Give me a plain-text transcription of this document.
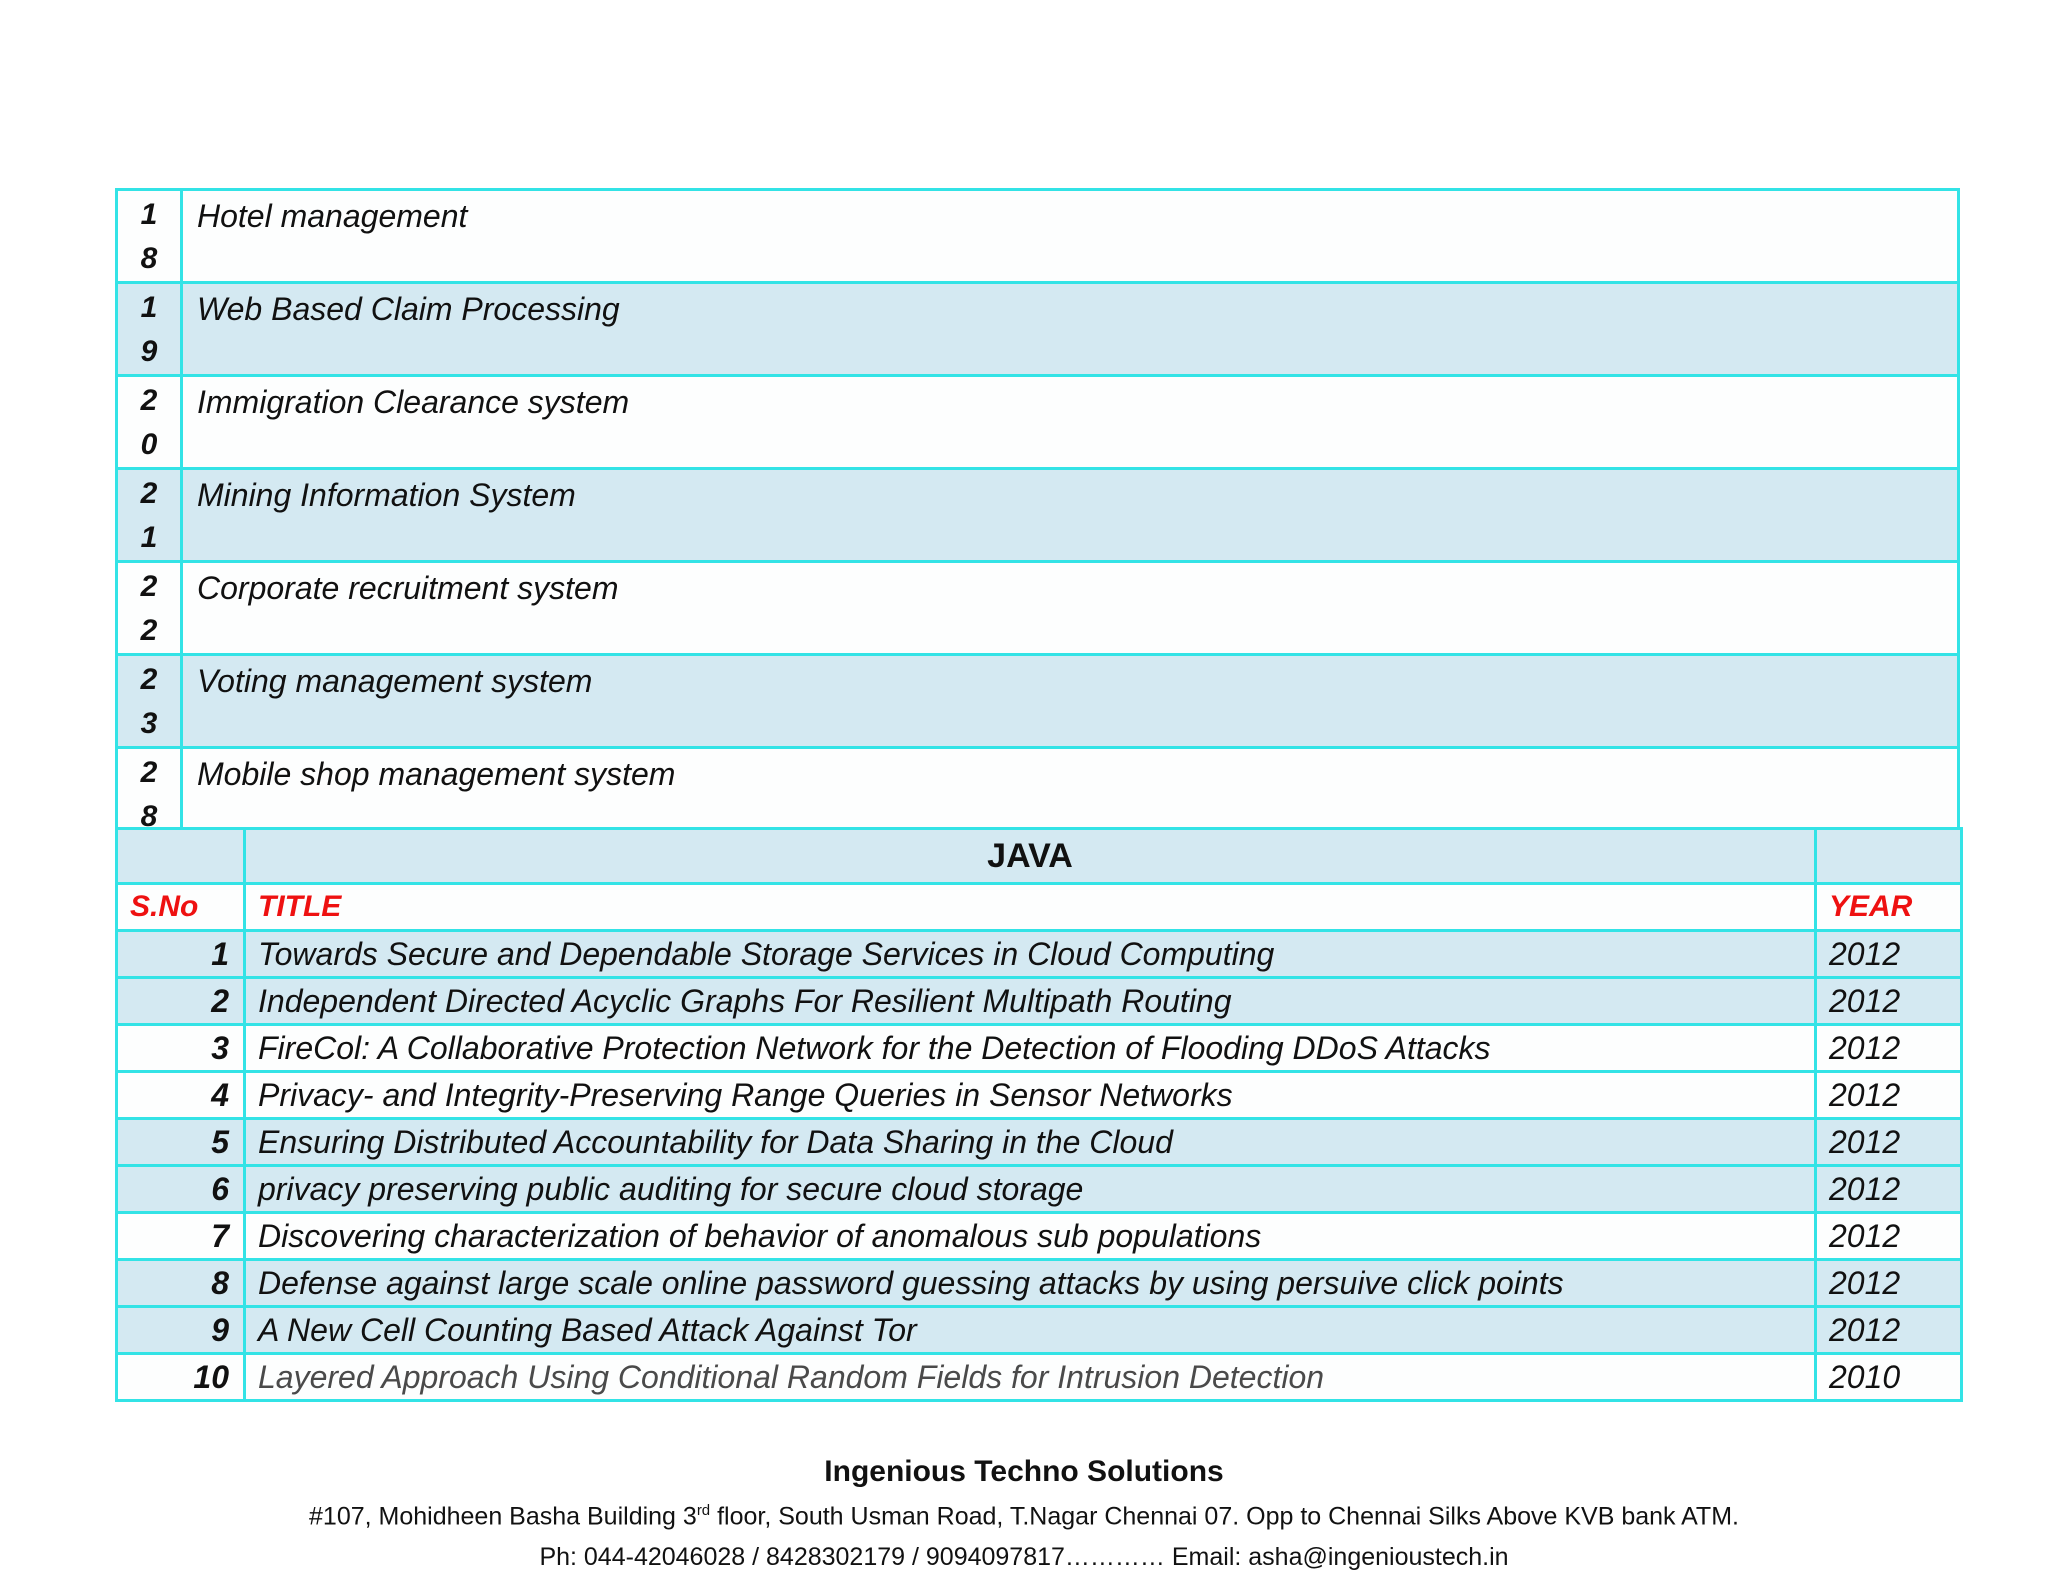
1
8	Hotel management

1
9	Web Based Claim Processing

2
0	Immigration Clearance system

2
1	Mining Information System

2
2	Corporate recruitment system

2
3	Voting management system

2
8	Mobile shop management system
	JAVA	
S.No	TITLE	YEAR
1	Towards Secure and Dependable Storage Services in Cloud Computing	2012
2	Independent Directed Acyclic Graphs For Resilient Multipath Routing	2012
3	FireCol: A Collaborative Protection Network for the Detection of Flooding DDoS Attacks	2012
4	Privacy- and Integrity-Preserving Range Queries in Sensor Networks	2012
5	Ensuring Distributed Accountability for Data Sharing in the Cloud	2012
6	privacy preserving public auditing for secure cloud storage	2012
7	Discovering characterization of behavior of anomalous sub populations	2012
8	Defense against large scale online password guessing attacks by using persuive click points	2012
9	A New Cell Counting Based Attack Against Tor	2012
10	Layered Approach Using Conditional Random Fields for Intrusion Detection	2010
Ingenious Techno Solutions
#107, Mohidheen Basha Building 3rd floor, South Usman Road, T.Nagar Chennai 07. Opp to Chennai Silks Above KVB bank ATM.
Ph: 044-42046028 / 8428302179 / 9094097817………… Email: asha@ingenioustech.in
